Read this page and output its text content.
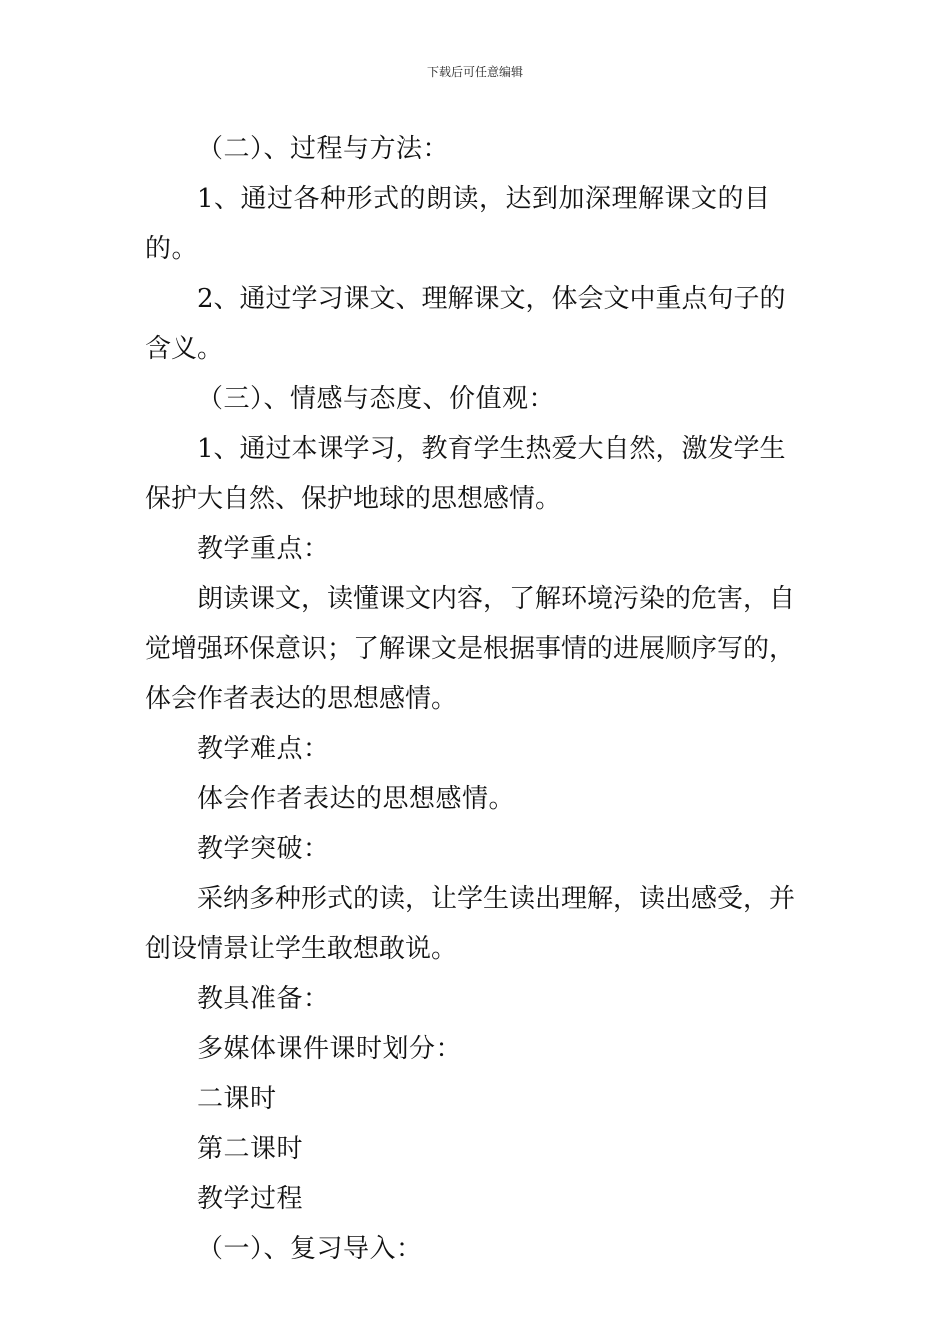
下载后可任意编辑

（二）、过程与方法：

1、通过各种形式的朗读，达到加深理解课文的目的。

2、通过学习课文、理解课文，体会文中重点句子的含义。

（三）、情感与态度、价值观：

1、通过本课学习，教育学生热爱大自然，激发学生保护大自然、保护地球的思想感情。

教学重点：

朗读课文，读懂课文内容，了解环境污染的危害，自觉增强环保意识；了解课文是根据事情的进展顺序写的，体会作者表达的思想感情。

教学难点：

体会作者表达的思想感情。

教学突破：

采纳多种形式的读，让学生读出理解，读出感受，并创设情景让学生敢想敢说。

教具准备：

多媒体课件课时划分：

二课时

第二课时

教学过程

（一）、复习导入：
